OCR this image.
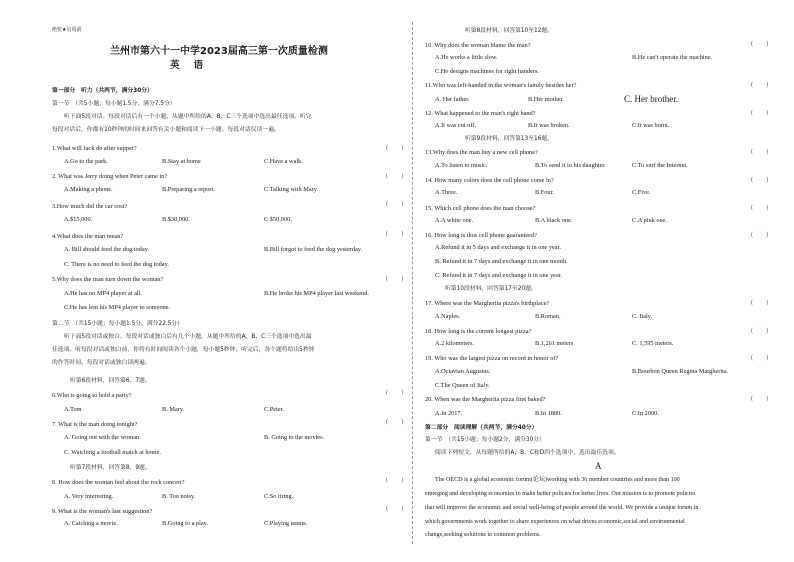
绝密★启用前
兰州市第六十一中学2023届高三第一次质量检测
英语
第一部分　听力（共两节，满分30分）
第一节　（共5小题；每小题1.5分，满分7.5分）
听下面5段对话。每段对话后有一个小题，从题中所给的A、B、C三个选项中选出最佳选项。听完
每段对话后，你都有10秒钟的时间来回答有关小题和阅读下一小题。每段对话仅读一遍。
1.What will Jack do after supper?	（　　）
A.Go to the park.	B.Stay at home	C.Have a walk.
2. What was Jerry doing when Peter came in?	（　　）
A.Making a phone.	B.Preparing a report.	C.Talking with Mary.
3.How much did the car cost?	（　　）
A.$15,000.	B.$30,000.	C.$50,000.
4.What does the man mean?	（　　）
A. Bill should feed the dog today.	B.Bill forgot to feed the dog yesterday.
C. There is no need to feed the dog today.
5.Why does the man turn down the woman?	（　　）
A.He has no MP4 player at all.	B.He broke his MP4 player last weekend.
C.He has lent his MP4 player to someone.
第二节　（共15小题；每小题1.5分，满分22.5分）
听下面5段对话或独白。每段对话或独白后有几个小题，从题中所给的A、B、C三个选项中选出最
佳选项。听每段对话或独白前，你将有时间阅读各个小题，每小题5秒钟；听完后，各个题将给出5秒钟
的作答时间。每段对话或独白读两遍。
听第6段材料，回答第6、7题。
6.Who is going to hold a party?	（　　）
A.Tom	B. Mary.	C.Peter.
7. What is the man doing tonight?	（　　）
A. Going out with the woman.	B. Going to the movies.
C. Watching a football match at home.
听第7段材料，回答第8、9题。
8. How does the woman feel about the rock concert?	（　　）
A. Very interesting.	B. Too noisy.	C.So tiring.
9. What is the woman's last suggestion?	（　　）
A. Catching a movie.	B.Going to a play.	C.Playing tennis.
听第8段材料，回答第10至12题。
10. Why does the woman blame the man?	（　　）
A.He works a little slow.	B.He can't operate the machine.
C.He designs machines for right handers.
11.Who was left-handed in the woman's family besides her?	（　　）
A. Her father.	B.Her mother.	C. Her brother.
12. What happened to the man's right hand?	（　　）
A.It was cut off.	B.It was broken.	C.It was burnt.
听第9段材料，回答第13至16题。
13.Why does the man buy a new cell phone?	（　　）
A.To listen to music.	B.To send it to his daughter.	C.To surf the Internet.
14. How many colors does the cell phone come in?	（　　）
A.Three.	B.Four.	C.Five.
15. Which cell phone does the man choose?	（　　）
A.A white one.	B.A black one.	C.A pink one.
16. How long is thus cell phone guaranteed?	（　　）
A.Refund it in 5 days and exchange it in one year.
B. Refund it in 7 days and exchange it in one month.
C. Refund it in 7 days and exchange it in one year.
听第10段材料，回答第17至20题。
17. Where was the Margherita pizza's birthplace?	（　　）
A.Naples.	B.Roman.	C. Italy.
18. How long is the current longest pizza?	（　　）
A.2 kilometers.	B.1,261 meters	C. 1,595 meters.
19. Who was the largest pizza on record in honor of?	（　　）
A.Octavian Augustus.	B.Bourbon Queen Regina Margherita.
C.The Queen of Italy.
20. When was the Margherita pizza first baked?	（　　）
A.In 2017.	B.In 1889.	C.In 2000.
第二部分　阅读理解（共两节，满分40分）
第一节　（共15小题；每小题2分，满分30分）
阅读下列短文，从每题所给的A、B、C和D四个选项中，选出最佳选项。
A
The OECD is a global economic forum(论坛)working with 36 member countries and more than 100
emerging and developing economies to make better policies for better lives. Our mission is to promote policies
that will improve the economic and social well-being of people around the world. We provide a unique forum in
which governments work together to share experiences on what drives economic,social and environmental
change,seeking solutions to common problems.
